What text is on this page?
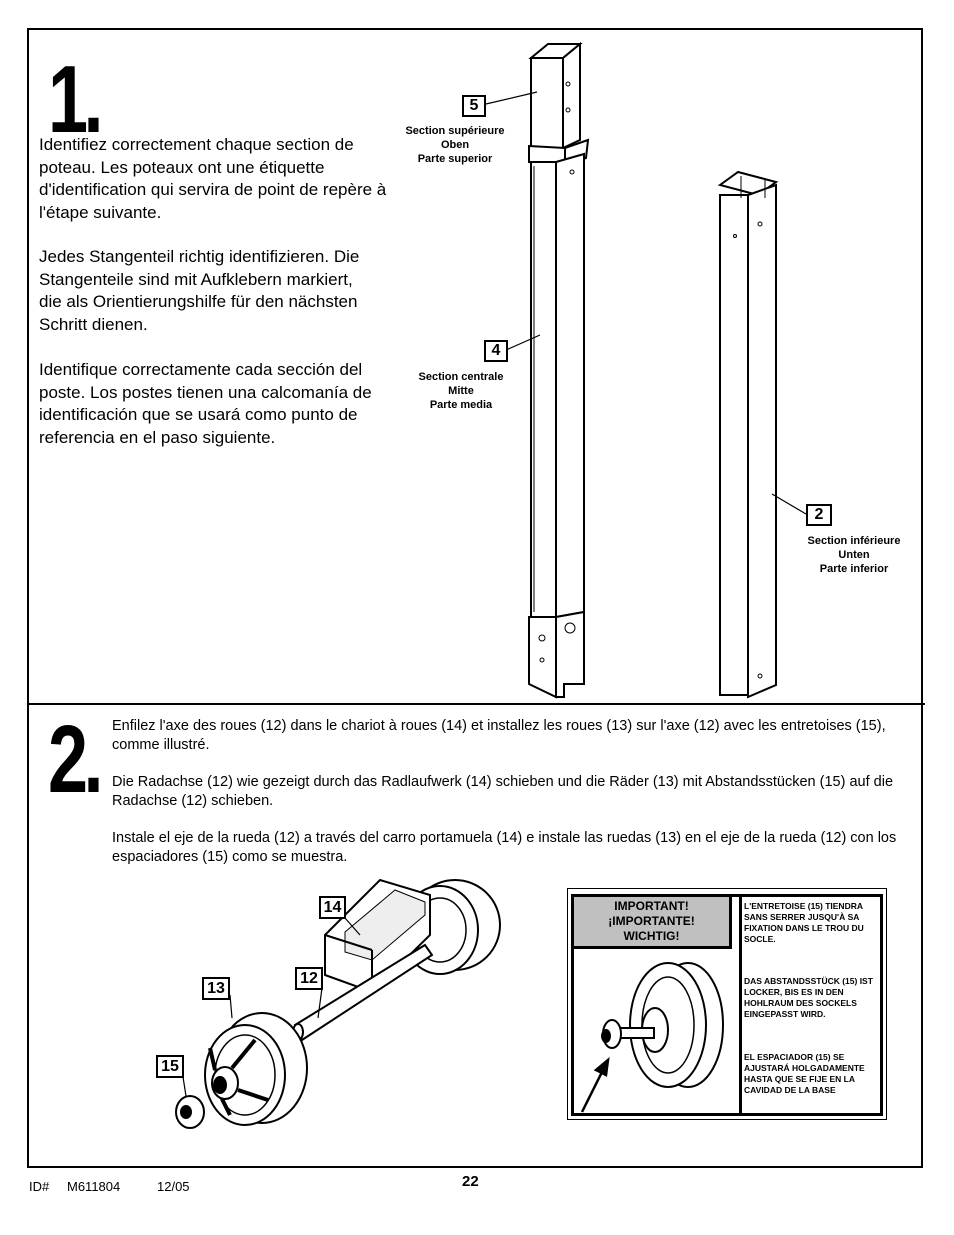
1.
Identifiez correctement chaque section de poteau. Les poteaux ont une étiquette d'identification qui servira de point de repère à l'étape suivante.
Jedes Stangenteil richtig identifizieren. Die Stangenteile sind mit Aufklebern markiert, die als Orientierungshilfe für den nächsten Schritt dienen.
Identifique correctamente cada sección del poste. Los postes tienen una calcomanía de identificación que se usará como punto de referencia en el paso siguiente.
5
Section supérieure
Oben
Parte superior
4
Section centrale
Mitte
Parte media
2
Section inférieure
Unten
Parte inferior
2. Enfilez l'axe des roues (12) dans le chariot à roues (14) et installez les roues (13) sur l'axe (12) avec les entretoises (15), comme illustré.
Die Radachse (12) wie gezeigt durch das Radlaufwerk (14) schieben und die Räder (13) mit Abstandsstücken (15) auf die Radachse (12) schieben.
Instale el eje de la rueda (12) a través del carro portamuela (14) e instale las ruedas (13) en el eje de la rueda (12) con los espaciadores (15) como se muestra.
14
12
13
15
IMPORTANT!
¡IMPORTANTE!
WICHTIG!
L'ENTRETOISE (15) TIENDRA SANS SERRER JUSQU'À SA FIXATION DANS LE TROU DU SOCLE.
DAS ABSTANDSSTÜCK (15) IST LOCKER, BIS ES IN DEN HOHLRAUM DES SOCKELS EINGEPASST WIRD.
EL ESPACIADOR (15) SE AJUSTARÁ HOLGADAMENTE HASTA QUE SE FIJE EN LA CAVIDAD DE LA BASE
ID# M611804	12/05	22
